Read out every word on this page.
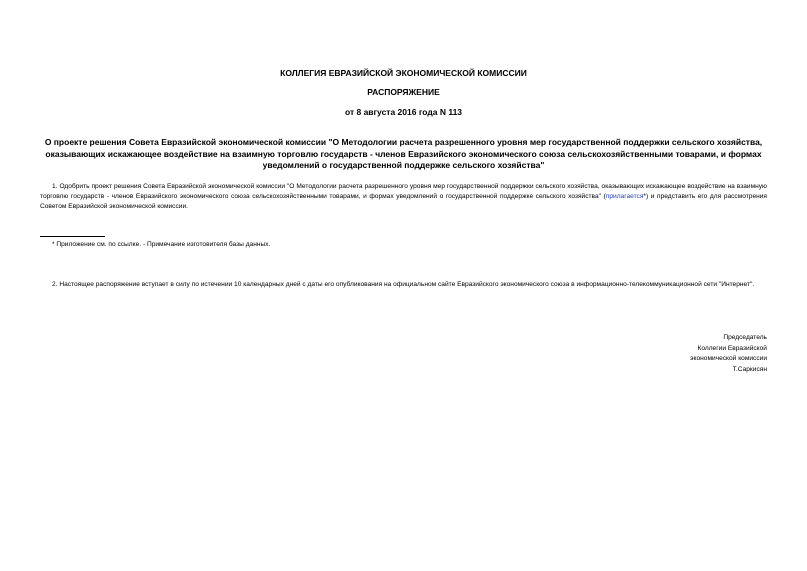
КОЛЛЕГИЯ ЕВРАЗИЙСКОЙ ЭКОНОМИЧЕСКОЙ КОМИССИИ
РАСПОРЯЖЕНИЕ
от 8 августа 2016 года N 113
О проекте решения Совета Евразийской экономической комиссии "О Методологии расчета разрешенного уровня мер государственной поддержки сельского хозяйства, оказывающих искажающее воздействие на взаимную торговлю государств - членов Евразийского экономического союза сельскохозяйственными товарами, и формах уведомлений о государственной поддержке сельского хозяйства"
1. Одобрить проект решения Совета Евразийской экономической комиссии "О Методологии расчета разрешенного уровня мер государственной поддержки сельского хозяйства, оказывающих искажающее воздействие на взаимную торговлю государств - членов Евразийского экономического союза сельскохозяйственными товарами, и формах уведомлений о государственной поддержке сельского хозяйства" (прилагается*) и представить его для рассмотрения Советом Евразийской экономической комиссии.
* Приложение см. по ссылке. - Примечание изготовителя базы данных.
2. Настоящее распоряжение вступает в силу по истечении 10 календарных дней с даты его опубликования на официальном сайте Евразийского экономического союза в информационно-телекоммуникационной сети "Интернет".
Председатель
Коллегии Евразийской
экономической комиссии
Т.Саркисян
